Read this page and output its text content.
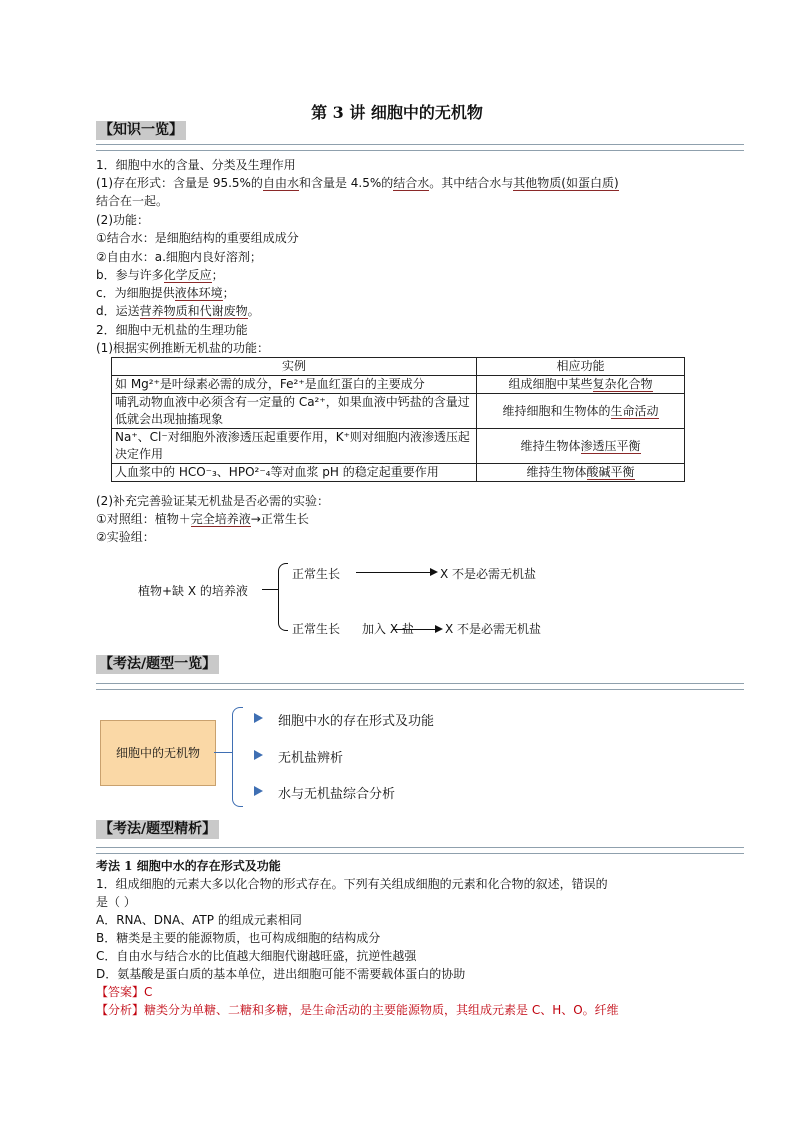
第 3 讲 细胞中的无机物
【知识一览】
1．细胞中水的含量、分类及生理作用
(1)存在形式：含量是 95.5%的自由水和含量是 4.5%的结合水。其中结合水与其他物质(如蛋白质)
结合在一起。
(2)功能：
①结合水：是细胞结构的重要组成成分
②自由水：a.细胞内良好溶剂；
b．参与许多化学反应；
c．为细胞提供液体环境；
d．运送营养物质和代谢废物。
2．细胞中无机盐的生理功能
(1)根据实例推断无机盐的功能：
实例	相应功能
如 Mg²⁺是叶绿素必需的成分，Fe²⁺是血红蛋白的主要成分	组成细胞中某些复杂化合物
哺乳动物血液中必须含有一定量的 Ca²⁺，如果血液中钙盐的含量过低就会出现抽搐现象	维持细胞和生物体的生命活动
Na⁺、Cl⁻对细胞外液渗透压起重要作用，K⁺则对细胞内液渗透压起决定作用	维持生物体渗透压平衡
人血浆中的 HCO⁻₃、HPO²⁻₄等对血浆 pH 的稳定起重要作用	维持生物体酸碱平衡
(2)补充完善验证某无机盐是否必需的实验：
①对照组：植物＋完全培养液→正常生长
②实验组：
植物+缺 X 的培养液
正常生长	X 不是必需无机盐
正常生长 加入 X 盐	X 不是必需无机盐
【考法/题型一览】
细胞中的无机物
细胞中水的存在形式及功能
无机盐辨析
水与无机盐综合分析
【考法/题型精析】
考法 1 细胞中水的存在形式及功能
1．组成细胞的元素大多以化合物的形式存在。下列有关组成细胞的元素和化合物的叙述，错误的
是（ ）
A．RNA、DNA、ATP 的组成元素相同
B．糖类是主要的能源物质，也可构成细胞的结构成分
C．自由水与结合水的比值越大细胞代谢越旺盛，抗逆性越强
D．氨基酸是蛋白质的基本单位，进出细胞可能不需要载体蛋白的协助
【答案】C
【分析】糖类分为单糖、二糖和多糖，是生命活动的主要能源物质，其组成元素是 C、H、O。纤维
